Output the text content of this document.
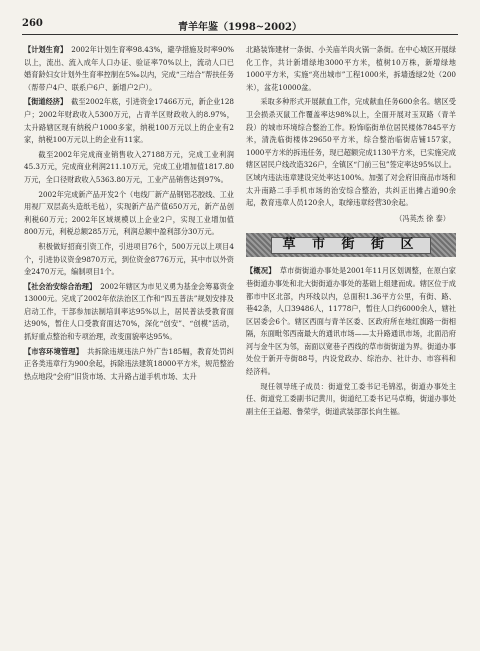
260	青羊年鉴（1998~2002）

【计划生育】 2002年计划生育率98.43%，避孕措施及时率90%以上，流出、流入成年人口办证、验证率70%以上，流动人口已婚育龄妇女计划外生育率控制在5‰以内，完成“三结合”帮扶任务（帮带户4户、联系户6户、新增户2户）。

【街道经济】 截至2002年底，引进资金17466万元，新企业128户；2002年财政收入5300万元，占青羊区财政收入的8.97%，太升路辖区现有纳税户1000多家，纳税100万元以上的企业有2家，纳税100万元以上的企业有11家。

截至2002年完成商业销售收入27188万元，完成工业利润45.3万元，完成商业利润211.10万元，完成工业增加值1817.80万元，全口径财政收入5363.80万元，工业产品销售达到97%。

2002年完成新产品开发2个（电线厂新产品钢铝芯胶线、工业用视厂双层高头造纸毛毡），实现新产品产值650万元，新产品创利税60万元；2002年区域规模以上企业2户，实现工业增加值800万元，利税总额285万元，利润总额中盈利部分30万元。

积极做好招商引资工作，引进项目76个，500万元以上项目4个，引进协议资金9870万元，到位资金8776万元，其中市以外资金2470万元，编制项目1个。

【社会治安综合治理】 2002年辖区为市见义勇为基金会筹募资金13000元。完成了2002年依法治区工作和“四五普法”规划安排及启动工作，干部参加法制培训率达95%以上，居民普法受教育面达90%，暂住人口受教育面达70%，深化“创安”、“创模”活动，抓好重点整治和专项治理，改变面貌率达95%。

【市容环境管理】 共拆除违规违法户外广告185幅，教育处罚纠正各类违章行为900余起，拆除违法建筑18000平方米，规范整治热点地段“会府”旧货市场、太升路占道手机市场、太升

北路装饰建材一条街、小关庙羊肉火锅一条街。在中心城区开展绿化工作，共计新增绿地3000平方米，植树10万株，新增绿地1000平方米，实施“亮出城市”工程1000米，拆墙透绿2处（200米），盆花10000盆。

采取多种形式开展献血工作，完成献血任务600余名。辖区受卫会损杀灭鼠工作覆盖率达98%以上，全面开展对玉双路（青羊段）的城市环境综合整治工作。粉饰临街单位居民楼体7845平方米，清洗临街楼体29650平方米，综合整治临街店铺157家，1000平方米的拆违任务，现已超额完成1130平方米，已实施完成辖区居民户线改造326户，全镇区“门前三包”签定率达95%以上。区域内违法违章建设完处率达100%。加强了对会府旧商品市场和太升南路二手手机市场的治安综合整治，共纠正出摊占道90余起，教育违章人员120余人，取缔违章经营30余起。

（冯英杰 徐 泰）
草 市 街 街 区

【概况】 草市街街道办事处是2001年11月区划调整，在原白家巷街道办事处和北大街街道办事处的基础上组建而成。辖区位于成都市中区北部，内环线以内，总面积1.36平方公里，有街、路、巷42条，人口39486人，11778户，暂住人口约6000余人，辖社区居委会6个。辖区西面与青羊区委、区政府所在地红旗路一街相隔，东面毗邻西南最大的通讯市场——太升路通讯市场，北面沿府河与金牛区为邻，南面以宽巷子西线的草市街街道为界。街道办事处位于新开寺街88号，内设党政办、综治办、社计办、市容科和经济科。

现任领导班子成员：街道党工委书记毛锦泓，街道办事处主任、街道党工委副书记黄川，街道纪工委书记马卓梅，街道办事处副主任王益超、鲁荣学，街道武装部部长向生福。
